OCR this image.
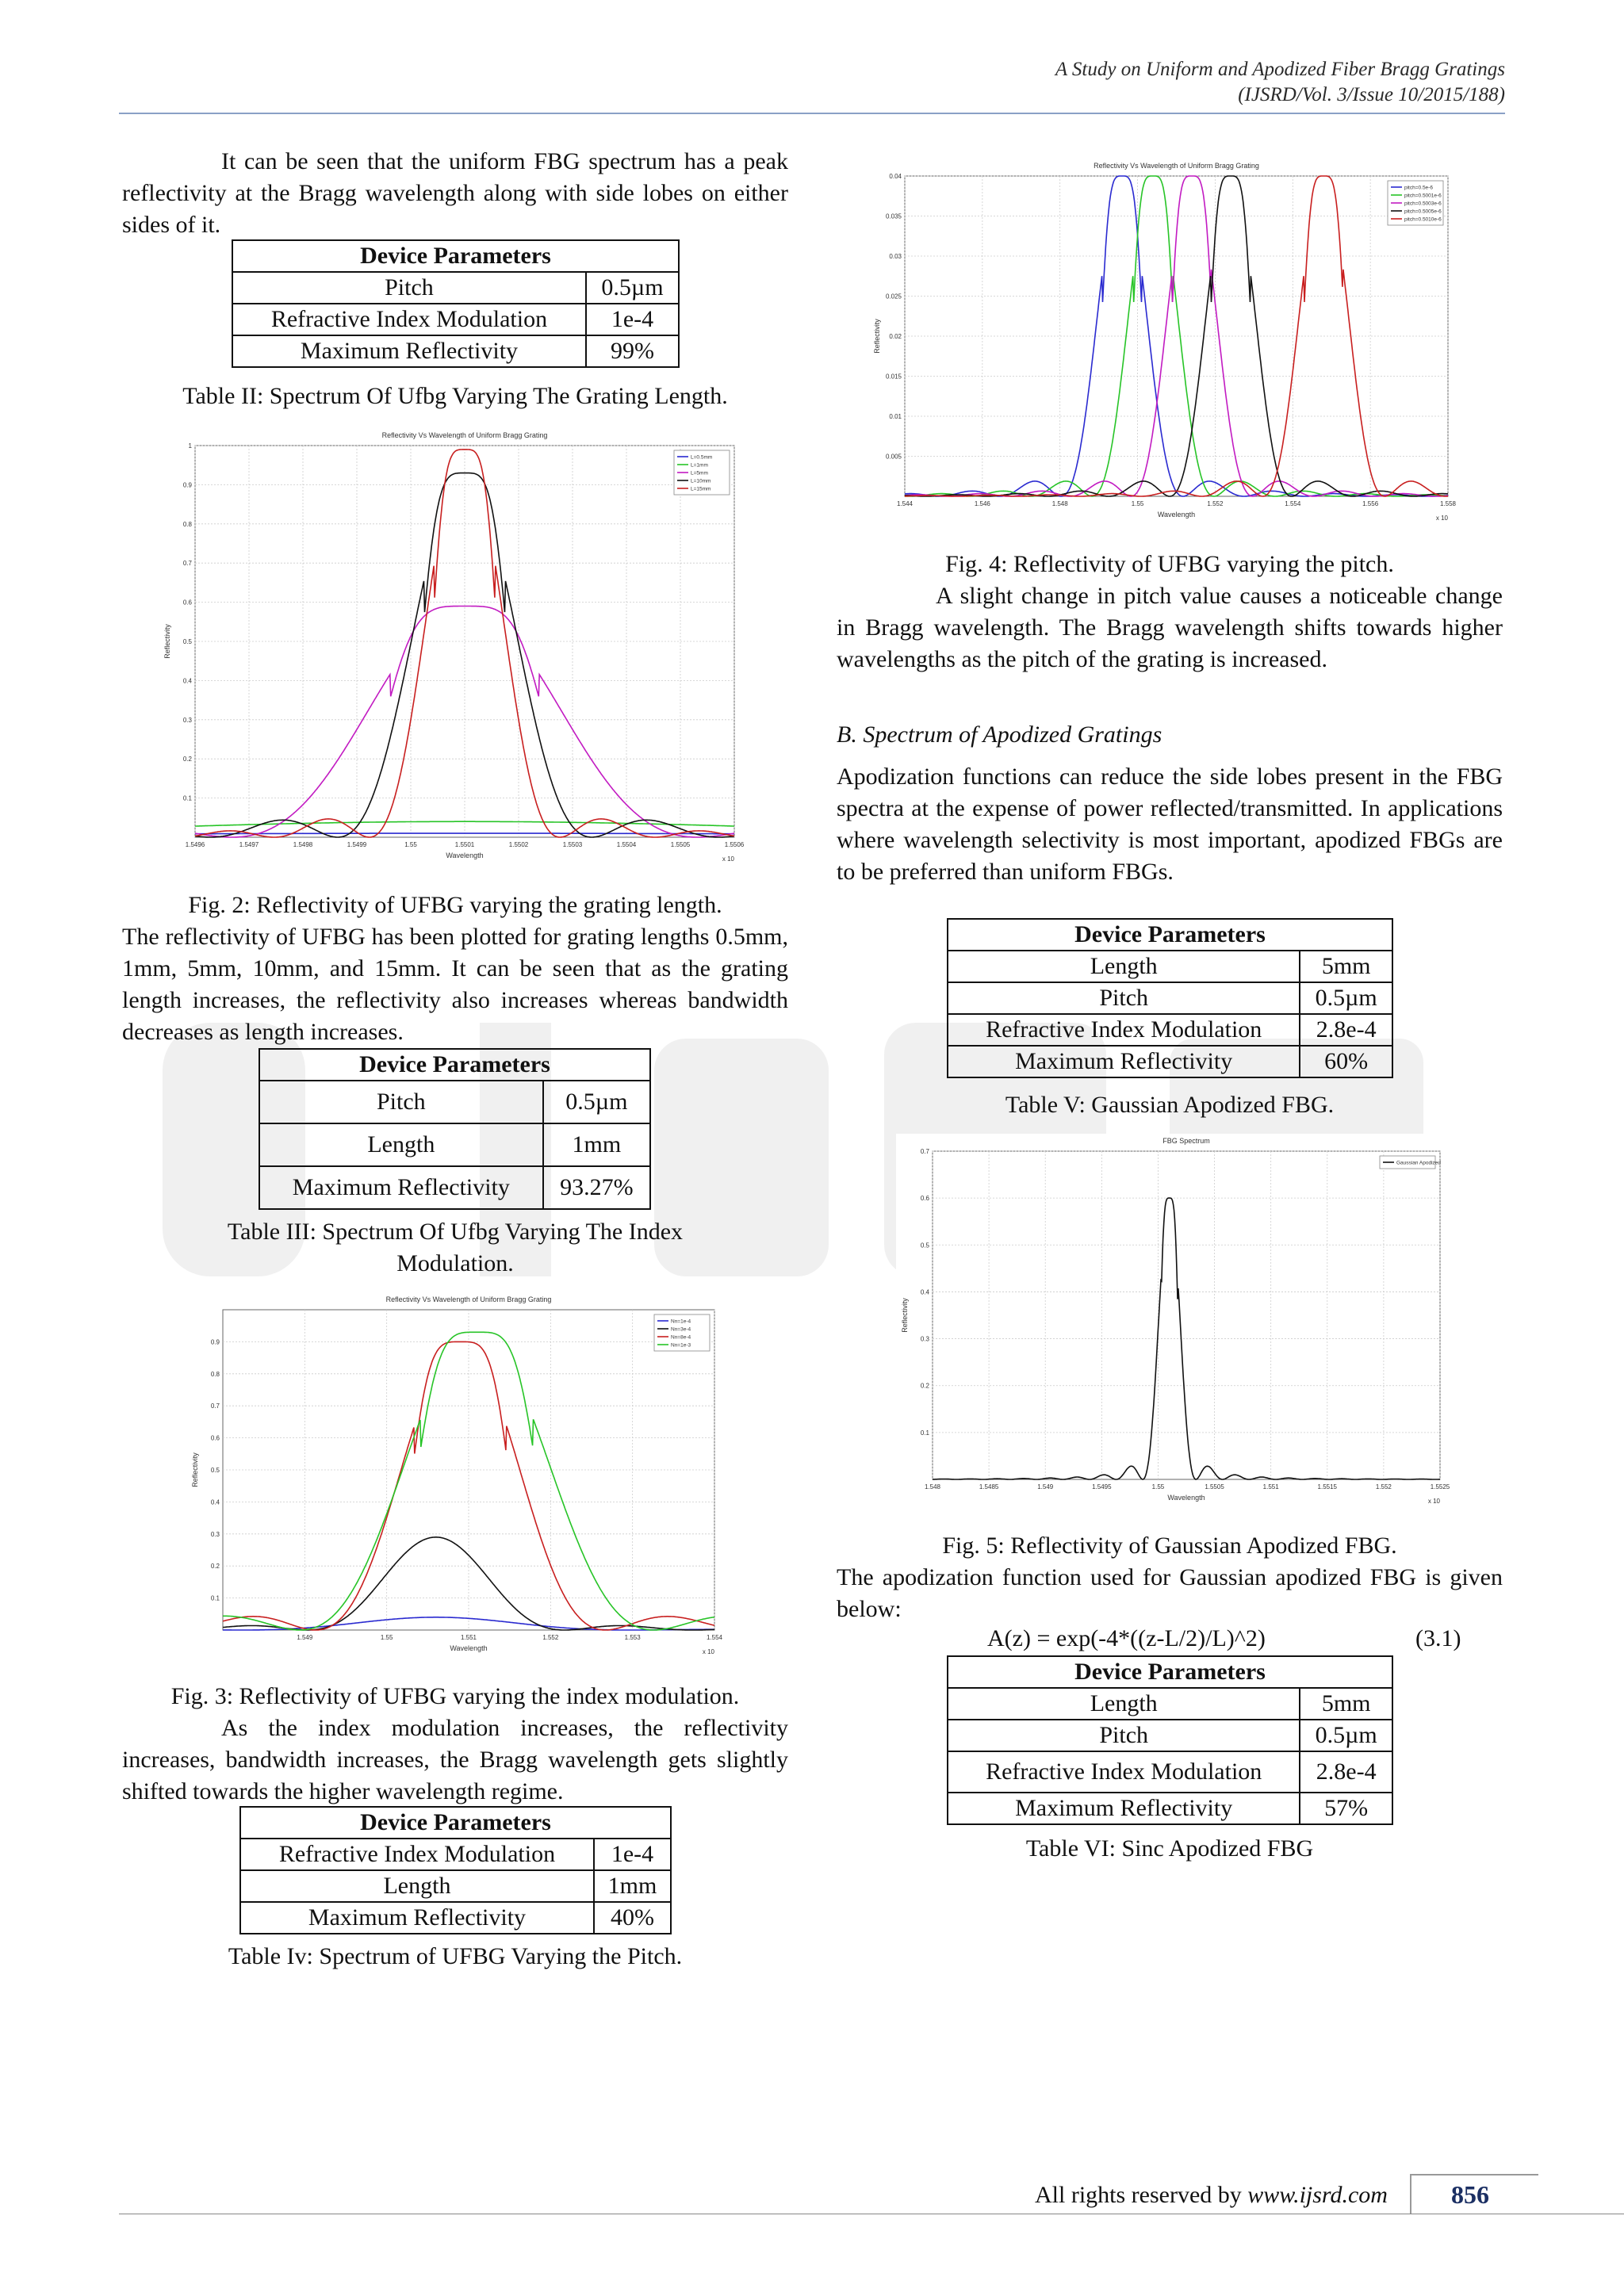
A Study on Uniform and Apodized Fiber Bragg Gratings
(IJSRD/Vol. 3/Issue 10/2015/188)
It can be seen that the uniform FBG spectrum has a peak reflectivity at the Bragg wavelength along with side lobes on either sides of it.
Device Parameters	
Pitch	0.5µm
Refractive Index Modulation	1e-4
Maximum Reflectivity	99%
Table II: Spectrum Of Ufbg Varying The Grating Length.
Reflectivity Vs Wavelength of Uniform Bragg Grating
1.5496	1.5497	1.5498	1.5499	1.55	1.5501	1.5502	1.5503	1.5504	1.5505	1.5506
0.1
0.2
0.3
0.4
0.5
0.6
0.7
0.8
0.9
1
Wavelength	x 10
Reflectivity
L=0.5mm
L=1mm
L=5mm
L=10mm
L=15mm
Fig. 2: Reflectivity of UFBG varying the grating length.
The reflectivity of UFBG has been plotted for grating lengths 0.5mm, 1mm, 5mm, 10mm, and 15mm. It can be seen that as the grating length increases, the reflectivity also increases whereas bandwidth decreases as length increases.
Device Parameters	
Pitch	0.5µm
Length	1mm
Maximum Reflectivity	93.27%
Table III: Spectrum Of Ufbg Varying The Index
Modulation.
Reflectivity Vs Wavelength of Uniform Bragg Grating
1.549	1.55	1.551	1.552	1.553	1.554
0.1
0.2
0.3
0.4
0.5
0.6
0.7
0.8
0.9
Wavelength	x 10
Reflectivity
Nn=1e-4
Nn=3e-4
Nn=8e-4
Nn=1e-3
Fig. 3: Reflectivity of UFBG varying the index modulation.
As the index modulation increases, the reflectivity increases, bandwidth increases, the Bragg wavelength gets slightly shifted towards the higher wavelength regime.
Device Parameters	
Refractive Index Modulation	1e-4
Length	1mm
Maximum Reflectivity	40%
Table Iv: Spectrum of UFBG Varying the Pitch.
Reflectivity Vs Wavelength of Uniform Bragg Grating
1.544	1.546	1.548	1.55	1.552	1.554	1.556	1.558
0.005
0.01
0.015
0.02
0.025
0.03
0.035
0.04
Wavelength	x 10
Reflectivity
pitch=0.5e-6
pitch=0.5001e-6
pitch=0.5003e-6
pitch=0.5005e-6
pitch=0.5010e-6
Fig. 4: Reflectivity of UFBG varying the pitch.
A slight change in pitch value causes a noticeable change in Bragg wavelength. The Bragg wavelength shifts towards higher wavelengths as the pitch of the grating is increased.
B. Spectrum of Apodized Gratings
Apodization functions can reduce the side lobes present in the FBG spectra at the expense of power reflected/transmitted. In applications where wavelength selectivity is most important, apodized FBGs are to be preferred than uniform FBGs.
Device Parameters	
Length	5mm
Pitch	0.5µm
Refractive Index Modulation	2.8e-4
Maximum Reflectivity	60%
Table V: Gaussian Apodized FBG.
FBG Spectrum
1.548	1.5485	1.549	1.5495	1.55	1.5505	1.551	1.5515	1.552	1.5525
0.1
0.2
0.3
0.4
0.5
0.6
0.7
Wavelength	x 10
Reflectivity
Gaussian Apodized
Fig. 5: Reflectivity of Gaussian Apodized FBG.
The apodization function used for Gaussian apodized FBG is given below:
A(z) = exp(-4*((z-L/2)/L)^2)	(3.1)
Device Parameters	
Length	5mm
Pitch	0.5µm
Refractive Index Modulation	2.8e-4
Maximum Reflectivity	57%
Table VI: Sinc Apodized FBG
All rights reserved by www.ijsrd.com	856
